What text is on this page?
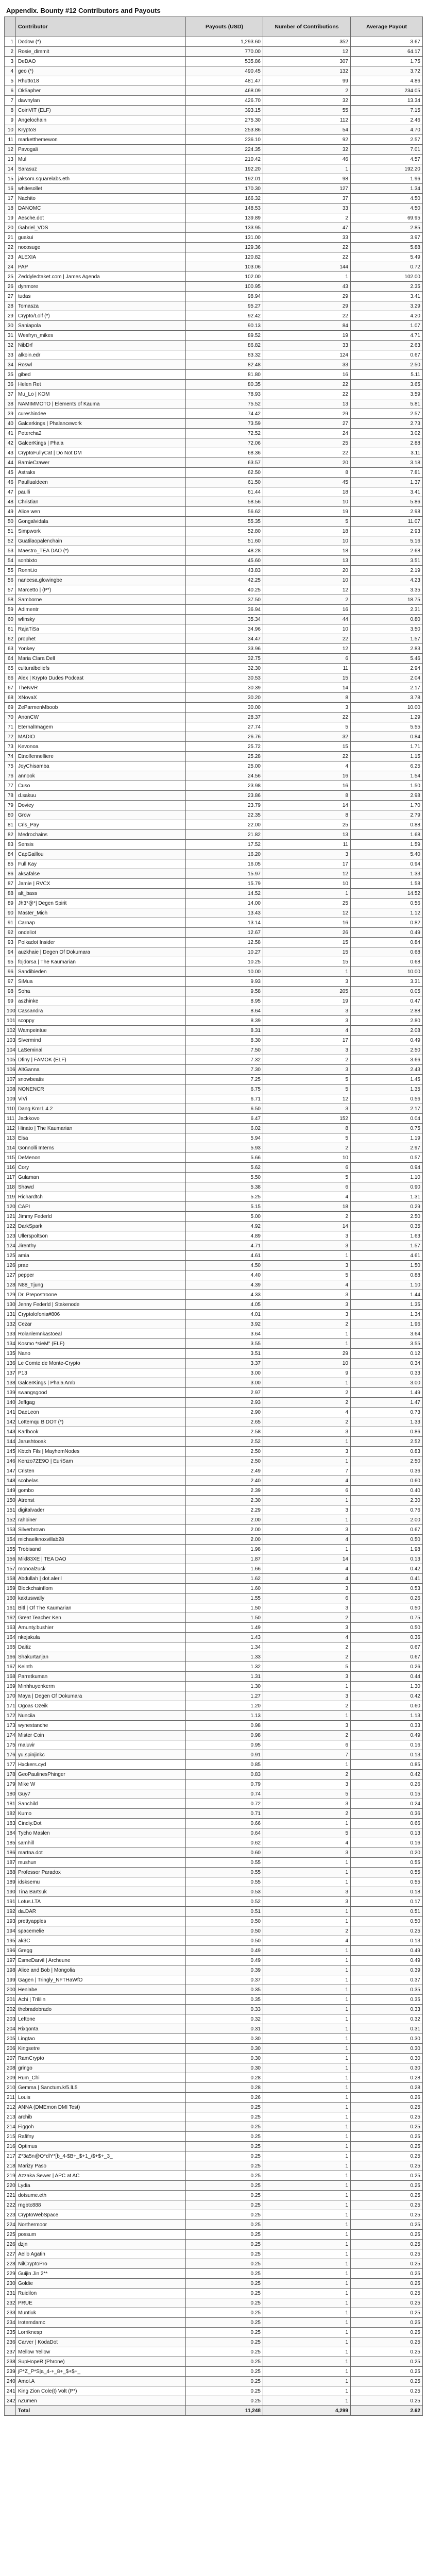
Appendix. Bounty #12 Contributors and Payouts
	Contributor	Payouts (USD)	Number of Contributions	Average Payout
1	Dodow (*)	1,293.60	352	3.67
2	Rosie_dimmit	770.00	12	64.17
3	DeDAO	535.86	307	1.75
4	geo (*)	490.45	132	3.72
5	Rhutto18	481.47	99	4.86
6	Ok5apher	468.09	2	234.05
7	dawnylan	426.70	32	13.34
8	CoinVIT (ELF)	393.15	55	7.15
9	Angelochain	275.30	112	2.46
10	KryptoS	253.86	54	4.70
11	marketthemewon	236.10	92	2.57
12	Pavogali	224.35	32	7.01
13	Mul	210.42	46	4.57
14	Sarasuz	192.20	1	192.20
15	jaksom.squarelabs.eth	192.01	98	1.96
16	whitesollet	170.30	127	1.34
17	Nachito	166.32	37	4.50
18	DANOMC	148.53	33	4.50
19	Aesche.dot	139.89	2	69.95
20	Gabriel_VDS	133.95	47	2.85
21	guakui	131.00	33	3.97
22	nocosuge	129.36	22	5.88
23	ALEXIA	120.82	22	5.49
24	PAP	103.06	144	0.72
25	Zeddyledtaket.com | James Agenda	102.00	1	102.00
26	dynmore	100.95	43	2.35
27	tudas	98.94	29	3.41
28	Tomasza	95.27	29	3.29
29	Crypto/Lolf (*)	92.42	22	4.20
30	Saniapola	90.13	84	1.07
31	Wesfryn_mikes	89.52	19	4.71
32	NibDrf	86.82	33	2.63
33	alkoin.edr	83.32	124	0.67
34	Roswl	82.48	33	2.50
35	gibed	81.80	16	5.11
36	Helen Ret	80.35	22	3.65
37	Mu_Lo | KOM	78.93	22	3.59
38	NAMIMMOTO | Elements of Kauma	75.52	13	5.81
39	cureshindee	74.42	29	2.57
40	Galcerkings | Phalancework	73.59	27	2.73
41	Petercha2	72.52	24	3.02
42	GalcerKings | Phala	72.06	25	2.88
43	CryptoFullyCat | Do Not DM	68.36	22	3.11
44	BarnieCrawer	63.57	20	3.18
45	Astraks	62.50	8	7.81
46	Paullualdeen	61.50	45	1.37
47	paulli	61.44	18	3.41
48	Christian	58.56	10	5.86
49	Alice wen	56.62	19	2.98
50	Gongalvidala	55.35	5	11.07
51	Simpwork	52.80	18	2.93
52	Guatilaopalenchain	51.60	10	5.16
53	Maestro_TEA DAO (*)	48.28	18	2.68
54	sonbixto	45.60	13	3.51
55	Ronnt.io	43.83	20	2.19
56	nancesa.glowingbe	42.25	10	4.23
57	Marcetto | (P*)	40.25	12	3.35
58	Samborne	37.50	2	18.75
59	Adimentr	36.94	16	2.31
60	wfinsky	35.34	44	0.80
61	RajaTiSa	34.96	10	3.50
62	prophet	34.47	22	1.57
63	Yonkey	33.96	12	2.83
64	Maria Clara Dell	32.75	6	5.46
65	culturalbeliefs	32.30	11	2.94
66	Alex | Krypto Dudes Podcast	30.53	15	2.04
67	TheNVR	30.39	14	2.17
68	XNovaX	30.20	8	3.78
69	ZeParmenMboob	30.00	3	10.00
70	AnonCW	28.37	22	1.29
71	EternalImagem	27.74	5	5.55
72	MADIO	26.76	32	0.84
73	Kevonoa	25.72	15	1.71
74	Etnolfennelliere	25.28	22	1.15
75	JoyChisamba	25.00	4	6.25
76	annook	24.56	16	1.54
77	Cuso	23.98	16	1.50
78	d.sakuu	23.86	8	2.98
79	Doviey	23.79	14	1.70
80	Grow	22.35	8	2.79
81	Cris_Pay	22.00	25	0.88
82	Medrochains	21.82	13	1.68
83	Sensis	17.52	11	1.59
84	CapGaillou	16.20	3	5.40
85	Full Kay	16.05	17	0.94
86	aksafalse	15.97	12	1.33
87	Jamie | RVCX	15.79	10	1.58
88	alt_bass	14.52	1	14.52
89	Jh3*@*| Degen Spirit	14.00	25	0.56
90	Master_Mich	13.43	12	1.12
91	Carnap	13.14	16	0.82
92	ondeliot	12.67	26	0.49
93	Polkadot Insider	12.58	15	0.84
94	auzkhaie | Degen Of Dokumara	10.27	15	0.68
95	fojdorsa | The Kaumarian	10.25	15	0.68
96	Sandibieden	10.00	1	10.00
97	SiMua	9.93	3	3.31
98	Soha	9.58	205	0.05
99	aszhinke	8.95	19	0.47
100	Cassandra	8.64	3	2.88
101	scoppy	8.39	3	2.80
102	Wampeintue	8.31	4	2.08
103	Slvermind	8.30	17	0.49
104	LaSeminal	7.50	3	2.50
105	Dfiny | FAMOK (ELF)	7.32	2	3.66
106	AltGanna	7.30	3	2.43
107	snowbeatis	7.25	5	1.45
108	NONENCR	6.75	5	1.35
109	ViVi	6.71	12	0.56
110	Dang Kmr1 4.2	6.50	3	2.17
111	Jackkovo	6.47	152	0.04
112	Hinato | The Kaumarian	6.02	8	0.75
113	Elsa	5.94	5	1.19
114	Gonnolli Interns	5.93	2	2.97
115	DeMenon	5.66	10	0.57
116	Cory	5.62	6	0.94
117	Gulaman	5.50	5	1.10
118	Shawd	5.38	6	0.90
119	Richardtch	5.25	4	1.31
120	CAPI	5.15	18	0.29
121	Jimmy Federld	5.00	2	2.50
122	DarkSpark	4.92	14	0.35
123	Ullerspoltson	4.89	3	1.63
124	Jirenthy	4.71	3	1.57
125	amia	4.61	1	4.61
126	prae	4.50	3	1.50
127	pepper	4.40	5	0.88
128	N88_Tjung	4.39	4	1.10
129	Dr. Prepostroone	4.33	3	1.44
130	Jenny Federld | Stakenode	4.05	3	1.35
131	Cryptolofonia#806	4.01	3	1.34
132	Cezar	3.92	2	1.96
133	Rolanlemnkastoeal	3.64	1	3.64
134	Kosmo *sieM" (ELF)	3.55	1	3.55
135	Nano	3.51	29	0.12
136	Le Comte de Monte-Crypto	3.37	10	0.34
137	P13	3.00	9	0.33
138	GalcerKings | Phala Amb	3.00	1	3.00
139	swangsgood	2.97	2	1.49
140	Jeffgag	2.93	2	1.47
141	DaeLeon	2.90	4	0.73
142	Lottemqu B DOT (*)	2.65	2	1.33
143	Karlbook	2.58	3	0.86
144	Jarushtooak	2.52	1	2.52
145	Kbtch Fils | MayhemNodes	2.50	3	0.83
146	Kenzo7ZE9O | EuriSam	2.50	1	2.50
147	Cristen	2.49	7	0.36
148	scobelas	2.40	4	0.60
149	gombo	2.39	6	0.40
150	Atrenst	2.30	1	2.30
151	digitalvader	2.29	3	0.76
152	rahbiner	2.00	1	2.00
153	Silverbrown	2.00	3	0.67
154	michaelknoxvillab28	2.00	4	0.50
155	Trobisand	1.98	1	1.98
156	Mikl83XE | TEA DAO	1.87	14	0.13
157	monoalzuck	1.66	4	0.42
158	Abdullah | dot.aleril	1.62	4	0.41
159	Blockchainflom	1.60	3	0.53
160	kaktuswally	1.55	6	0.26
161	Bitl | Of The Kaumarian	1.50	3	0.50
162	Great Teacher Ken	1.50	2	0.75
163	Amunty.bushier	1.49	3	0.50
164	nkejakula	1.43	4	0.36
165	Daitiz	1.34	2	0.67
166	Shakurtanjan	1.33	2	0.67
167	Keinth	1.32	5	0.26
168	Parretkuman	1.31	3	0.44
169	Minhhuyenkerm	1.30	1	1.30
170	Maya | Degen Of Dokumara	1.27	3	0.42
171	Ogoas Ozeik	1.20	2	0.60
172	Nunciia	1.13	1	1.13
173	wynestanche	0.98	3	0.33
174	Mister Coin	0.98	2	0.49
175	rnaluvir	0.95	6	0.16
176	yu.spinjinkc	0.91	7	0.13
177	Hxckers.cyd	0.85	1	0.85
178	GeoPaulinesPhinger	0.83	2	0.42
179	Mike W	0.79	3	0.26
180	Guy7	0.74	5	0.15
181	Sanchild	0.72	3	0.24
182	Kumo	0.71	2	0.36
183	Cindiy.Dot	0.66	1	0.66
184	Tycho Maslen	0.64	5	0.13
185	samhill	0.62	4	0.16
186	martna.dot	0.60	3	0.20
187	mushun	0.55	1	0.55
188	Professor Paradox	0.55	1	0.55
189	idsksemu	0.55	1	0.55
190	Tina Bartsuk	0.53	3	0.18
191	Lotus.LTA	0.52	3	0.17
192	da.DAR	0.51	1	0.51
193	prettyapples	0.50	1	0.50
194	spacemelie	0.50	2	0.25
195	ak3C	0.50	4	0.13
196	Gregg	0.49	1	0.49
197	EsmeDarvil | Archeune	0.49	1	0.49
198	Alice and Bob | Mongolia	0.39	1	0.39
199	Gagen | Tringly_NFTHaWfO	0.37	1	0.37
200	Henlabe	0.35	1	0.35
201	Achi | Trililin	0.35	1	0.35
202	thebradobrado	0.33	1	0.33
203	Leftone	0.32	1	0.32
204	Rixqonta	0.31	1	0.31
205	Lingtao	0.30	1	0.30
206	Kingsetre	0.30	1	0.30
207	RamCrypto	0.30	1	0.30
208	gringo	0.30	1	0.30
209	Rum_Chi	0.28	1	0.28
210	Gemma | Sanctum.k/5.lL5	0.28	1	0.28
211	Louis	0.26	1	0.26
212	ANNA (DMEmon DMI Test)	0.25	1	0.25
213	archib	0.25	1	0.25
214	Figgoh	0.25	1	0.25
215	Rafifny	0.25	1	0.25
216	Optimus	0.25	1	0.25
217	Z*3a5n@O*dlY*[b_4-$B+_$+1_/$+$+_3_	0.25	1	0.25
218	Marizy Paso	0.25	1	0.25
219	Azzaka Sewer | APC at AC	0.25	1	0.25
220	Lydia	0.25	1	0.25
221	dotsume.eth	0.25	1	0.25
222	rngbtc888	0.25	1	0.25
223	CryptoWebSpace	0.25	1	0.25
224	Northermoor	0.25	1	0.25
225	possum	0.25	1	0.25
226	dzjn	0.25	1	0.25
227	Aello Agatin	0.25	1	0.25
228	NilCryptoPro	0.25	1	0.25
229	Guijin Jin 2**	0.25	1	0.25
230	Goldie	0.25	1	0.25
231	Ruidilon	0.25	1	0.25
232	PRUE	0.25	1	0.25
233	Muntiuk	0.25	1	0.25
234	Irotemdamc	0.25	1	0.25
235	Lorriknesp	0.25	1	0.25
236	Carver | KodaDot	0.25	1	0.25
237	Mellow Yellow	0.25	1	0.25
238	SupHopeR (Phrone)	0.25	1	0.25
239	jP*Z_P*S|a_4-+_8+_$+$+_	0.25	1	0.25
240	Amol.A	0.25	1	0.25
241	King Zion Cole(t) Volt (P*)	0.25	1	0.25
242	nZumen	0.25	1	0.25
	Total	11,248	4,299	2.62
